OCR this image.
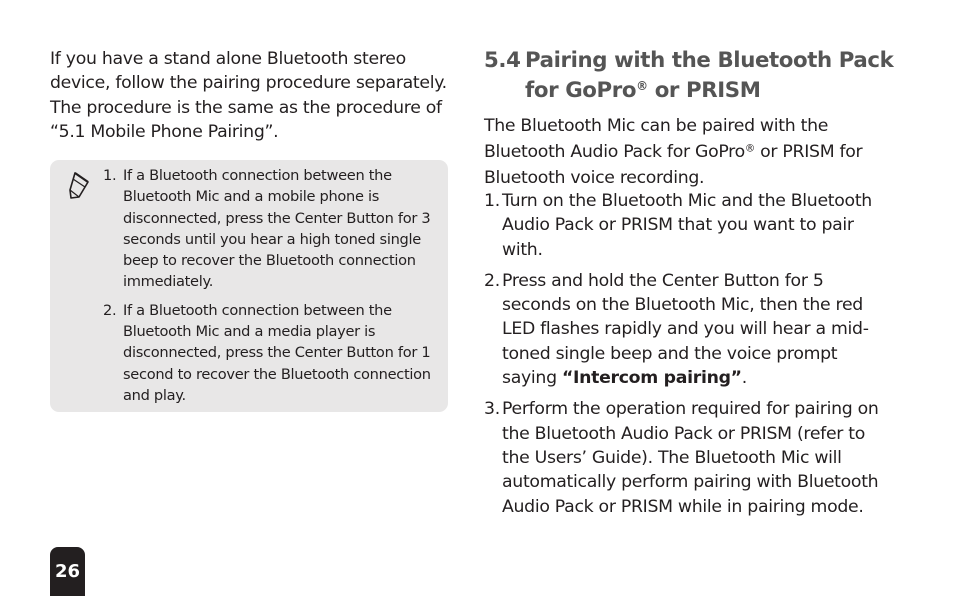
If you have a stand alone Bluetooth stereo device, follow the pairing procedure separately. The procedure is the same as the procedure of “5.1 Mobile Phone Pairing”.

1. If a Bluetooth connection between the Bluetooth Mic and a mobile phone is disconnected, press the Center Button for 3 seconds until you hear a high toned single beep to recover the Bluetooth connection immediately.
2. If a Bluetooth connection between the Bluetooth Mic and a media player is disconnected, press the Center Button for 1 second to recover the Bluetooth connection and play.
5.4 Pairing with the Bluetooth Pack for GoPro® or PRISM

The Bluetooth Mic can be paired with the Bluetooth Audio Pack for GoPro® or PRISM for Bluetooth voice recording.

1. Turn on the Bluetooth Mic and the Bluetooth Audio Pack or PRISM that you want to pair with.
2. Press and hold the Center Button for 5 seconds on the Bluetooth Mic, then the red LED flashes rapidly and you will hear a mid-toned single beep and the voice prompt saying “Intercom pairing”.
3. Perform the operation required for pairing on the Bluetooth Audio Pack or PRISM (refer to the Users’ Guide). The Bluetooth Mic will automatically perform pairing with Bluetooth Audio Pack or PRISM while in pairing mode.
26
